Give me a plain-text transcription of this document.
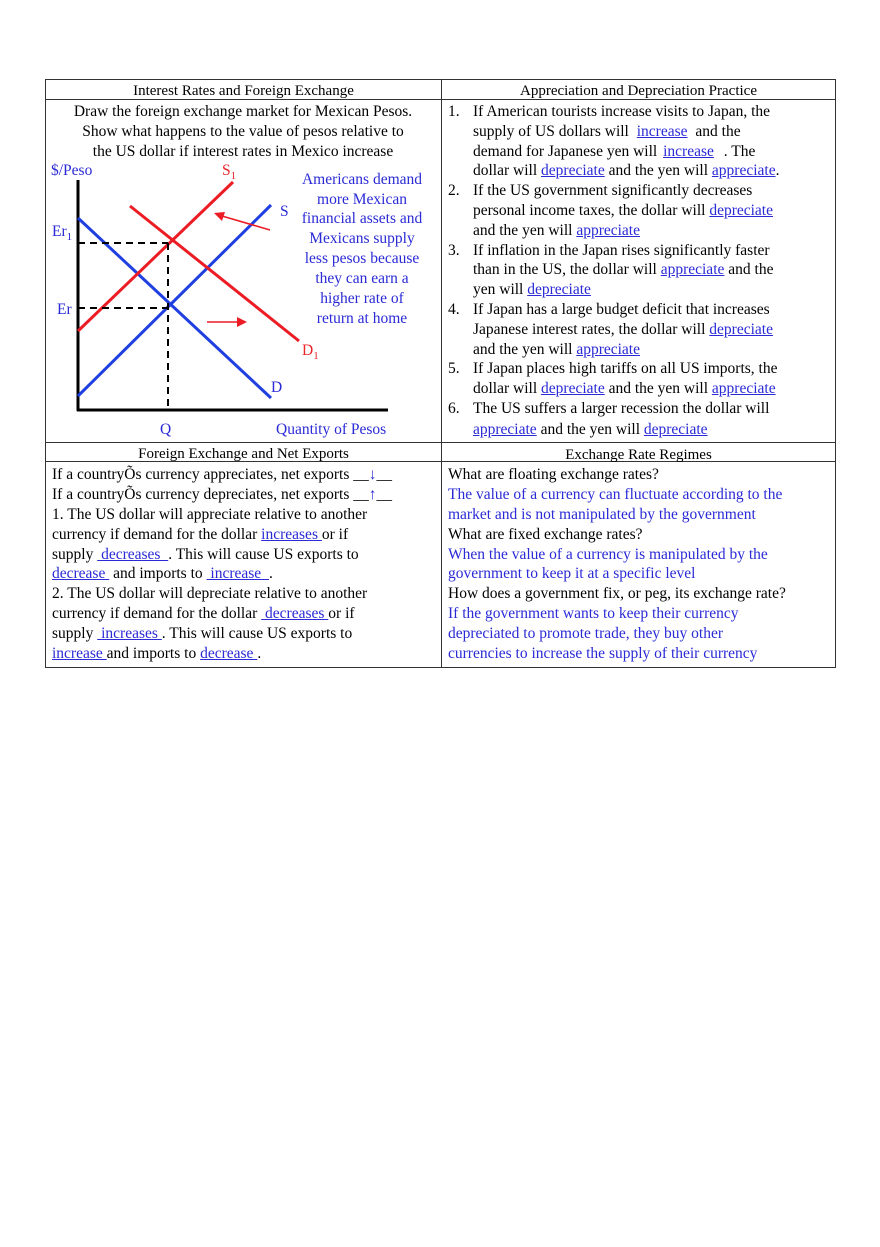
Interest Rates and Foreign Exchange	Appreciation and Depreciation Practice
Foreign Exchange and Net Exports	Exchange Rate Regimes
Draw the foreign exchange market for Mexican Pesos.
Show what happens to the value of pesos relative to
the US dollar if interest rates in Mexico increase
$/Peso
Quantity of Pesos
$Er_1$
Er
Q
$S_1$
S
$D_1$
D
Americans demand
more Mexican
financial assets and
Mexicans supply
less pesos because
they can earn a
higher rate of
return at home
1. If American tourists increase visits to Japan, the
supply of US dollars will increase and the
demand for Japanese yen will increase . The
dollar will depreciate and the yen will appreciate.
2. If the US government significantly decreases
personal income taxes, the dollar will depreciate
and the yen will appreciate
3. If inflation in the Japan rises significantly faster
than in the US, the dollar will appreciate and the
yen will depreciate
4. If Japan has a large budget deficit that increases
Japanese interest rates, the dollar will depreciate
and the yen will appreciate
5. If Japan places high tariffs on all US imports, the
dollar will depreciate and the yen will appreciate
6. The US suffers a larger recession the dollar will
appreciate and the yen will depreciate
If a countryÕs currency appreciates, net exports __↓__
If a countryÕs currency depreciates, net exports __↑__
1. The US dollar will appreciate relative to another
currency if demand for the dollar increases or if
supply  decreases  . This will cause US exports to
decrease  and imports to  increase  .
2. The US dollar will depreciate relative to another
currency if demand for the dollar  decreases or if
supply  increases . This will cause US exports to
increase and imports to decrease .
What are floating exchange rates?
The value of a currency can fluctuate according to the
market and is not manipulated by the government
What are fixed exchange rates?
When the value of a currency is manipulated by the
government to keep it at a specific level
How does a government fix, or peg, its exchange rate?
If the government wants to keep their currency
depreciated to promote trade, they buy other
currencies to increase the supply of their currency
